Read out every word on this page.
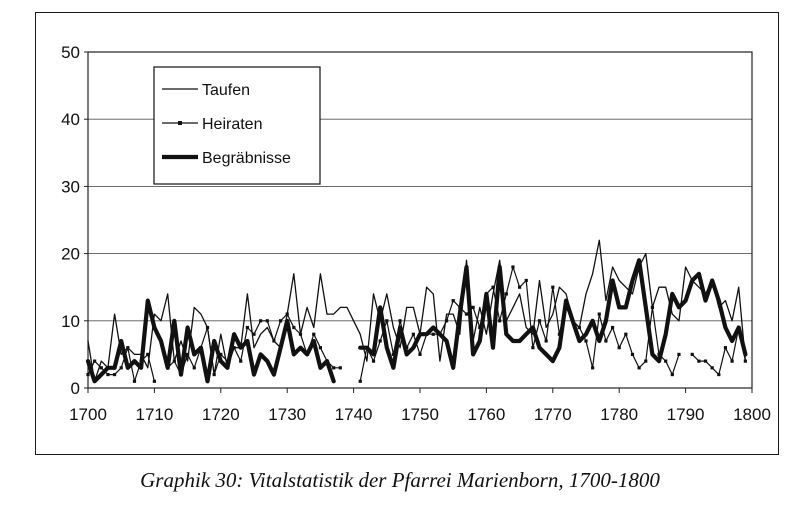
0
10
20
30
40
50
1700 1710 1720 1730 1740 1750 1760 1770 1780 1790 1800
Taufen
Heiraten
Begräbnisse
Graphik 30: Vitalstatistik der Pfarrei Marienborn, 1700-1800
